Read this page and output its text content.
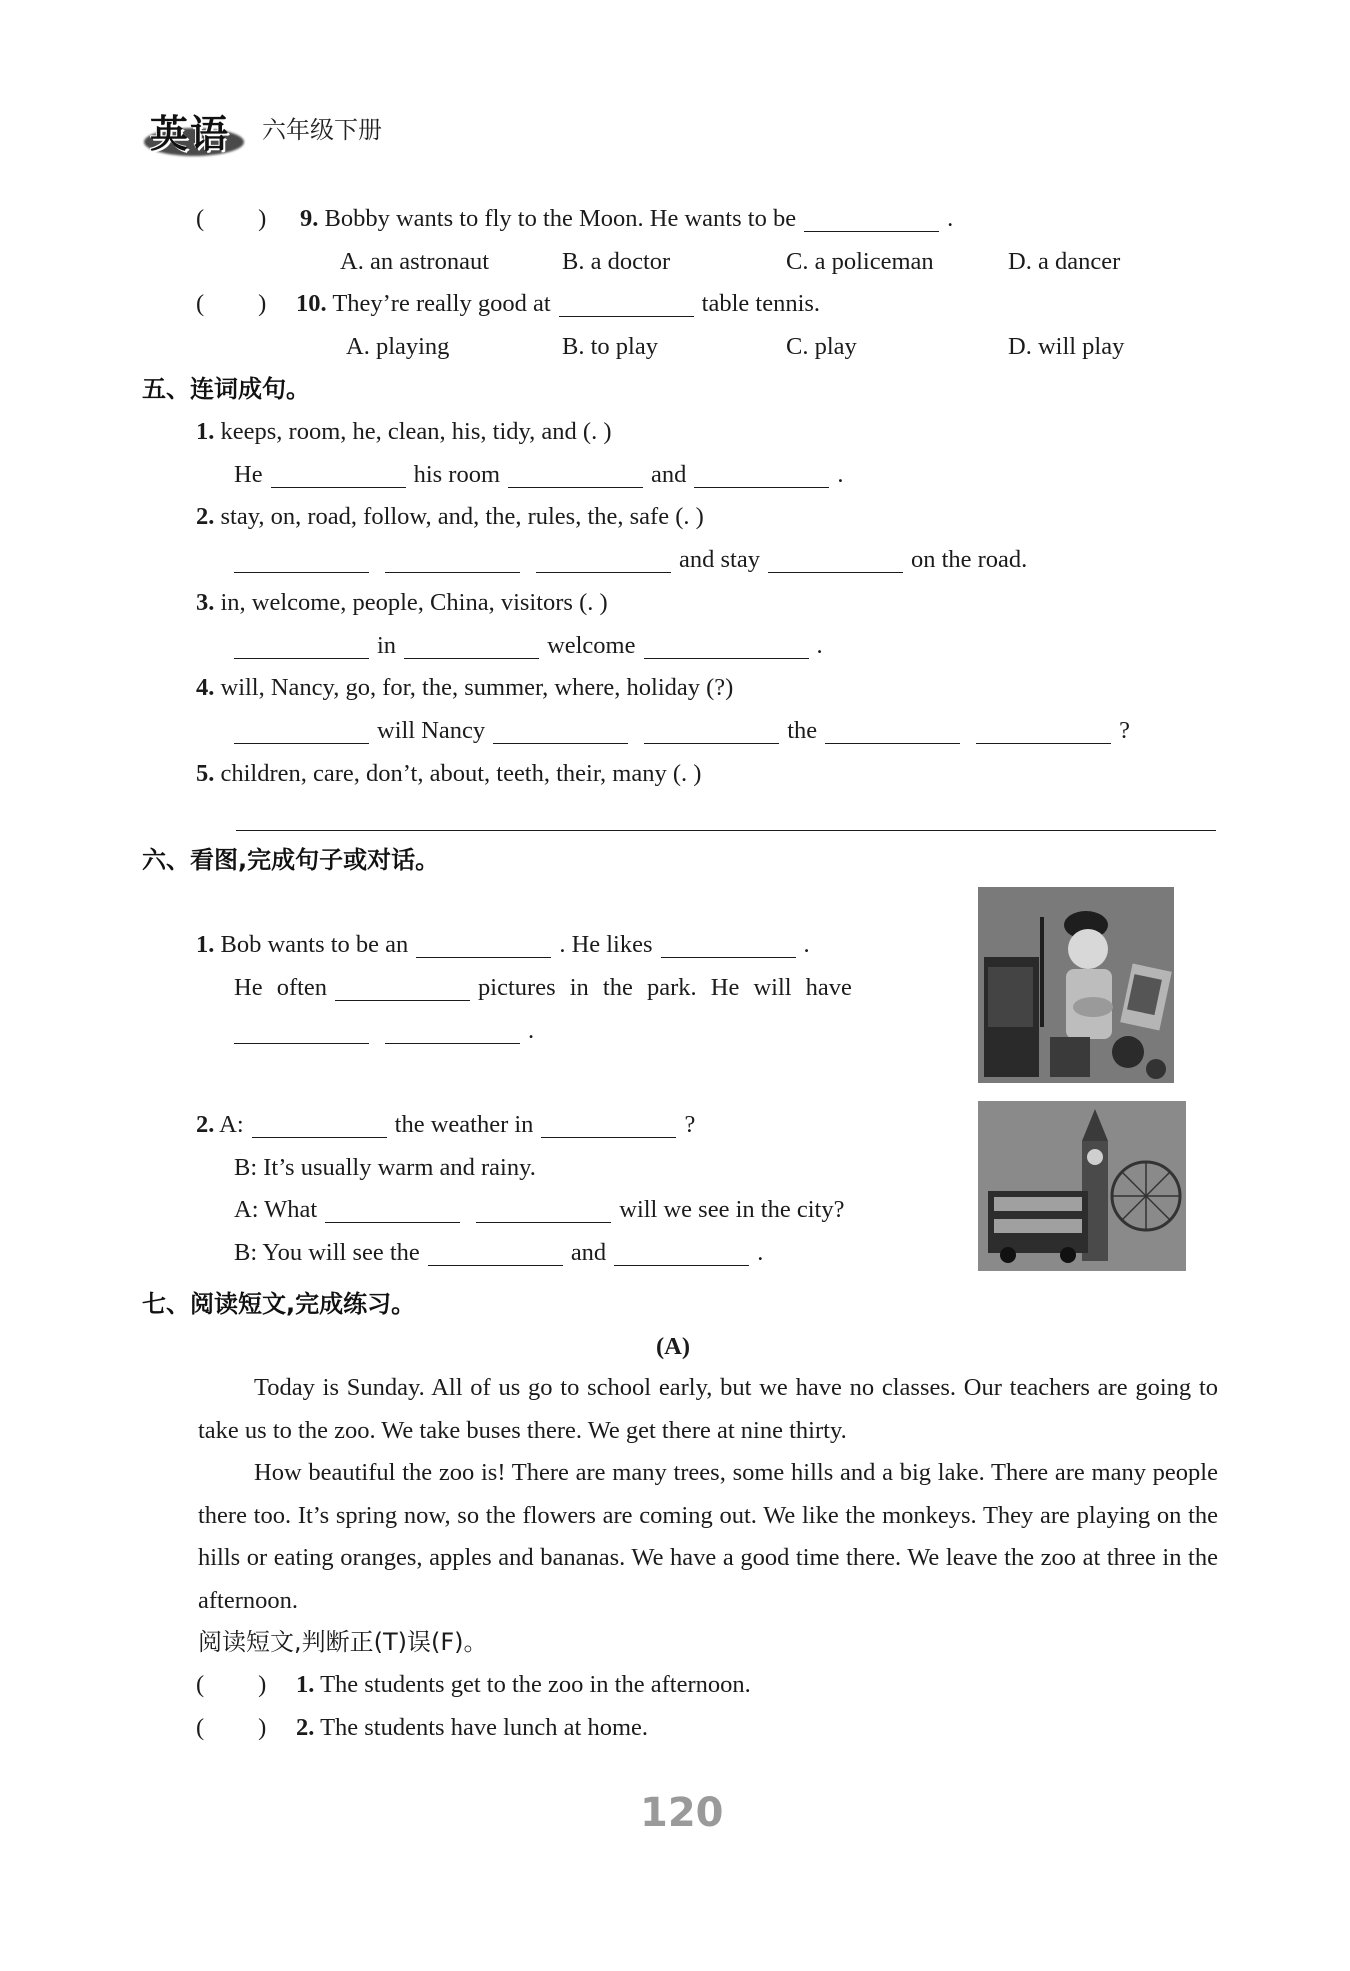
英语 六年级下册
( ) 9. Bobby wants to fly to the Moon. He wants to be	.
A. an astronaut	B. a doctor	C. a policeman	D. a dancer
( ) 10. They’re really good at	table tennis.
A. playing	B. to play	C. play	D. will play
五、连词成句。
1. keeps, room, he, clean, his, tidy, and (. )
He	his room	and	.
2. stay, on, road, follow, and, the, rules, the, safe (. )
and stay	on the road.
3. in, welcome, people, China, visitors (. )
in	welcome	.
4. will, Nancy, go, for, the, summer, where, holiday (?)
will Nancy	the	?
5. children, care, don’t, about, teeth, their, many (. )
六、看图,完成句子或对话。
1. Bob wants to be an	. He likes	.
He often	pictures in the park. He will have
.
2. A:	the weather in	?
B: It’s usually warm and rainy.
A: What	will we see in the city?
B: You will see the	and	.
七、阅读短文,完成练习。
(A)
Today is Sunday. All of us go to school early, but we have no classes. Our teachers are going to take us to the zoo. We take buses there. We get there at nine thirty.
How beautiful the zoo is! There are many trees, some hills and a big lake. There are many people there too. It’s spring now, so the flowers are coming out. We like the monkeys. They are playing on the hills or eating oranges, apples and bananas. We have a good time there. We leave the zoo at three in the afternoon.
阅读短文,判断正(T)误(F)。
( ) 1. The students get to the zoo in the afternoon.
( ) 2. The students have lunch at home.
120
